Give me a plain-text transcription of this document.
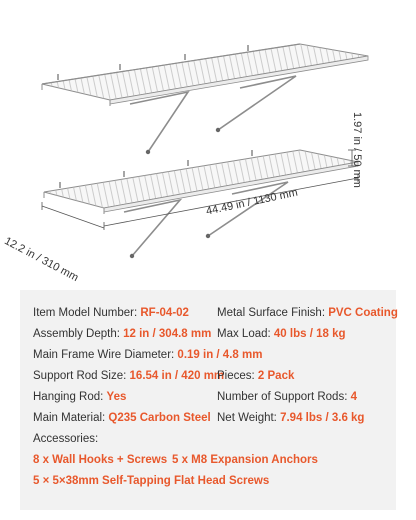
44.49 in / 1130 mm
12.2 in / 310 mm
1.97 in / 50 mm
Item Model Number: RF-04-02 Metal Surface Finish: PVC Coating
Assembly Depth: 12 in / 304.8 mm Max Load: 40 lbs / 18 kg
Main Frame Wire Diameter: 0.19 in / 4.8 mm
Support Rod Size: 16.54 in / 420 mm
Pieces: 2 Pack
Hanging Rod: Yes	Number of Support Rods: 4
Main Material: Q235 Carbon Steel Net Weight: 7.94 lbs / 3.6 kg
Accessories:
8 x Wall Hooks + Screws 5 x M8 Expansion Anchors
5 × 5×38mm Self-Tapping Flat Head Screws
